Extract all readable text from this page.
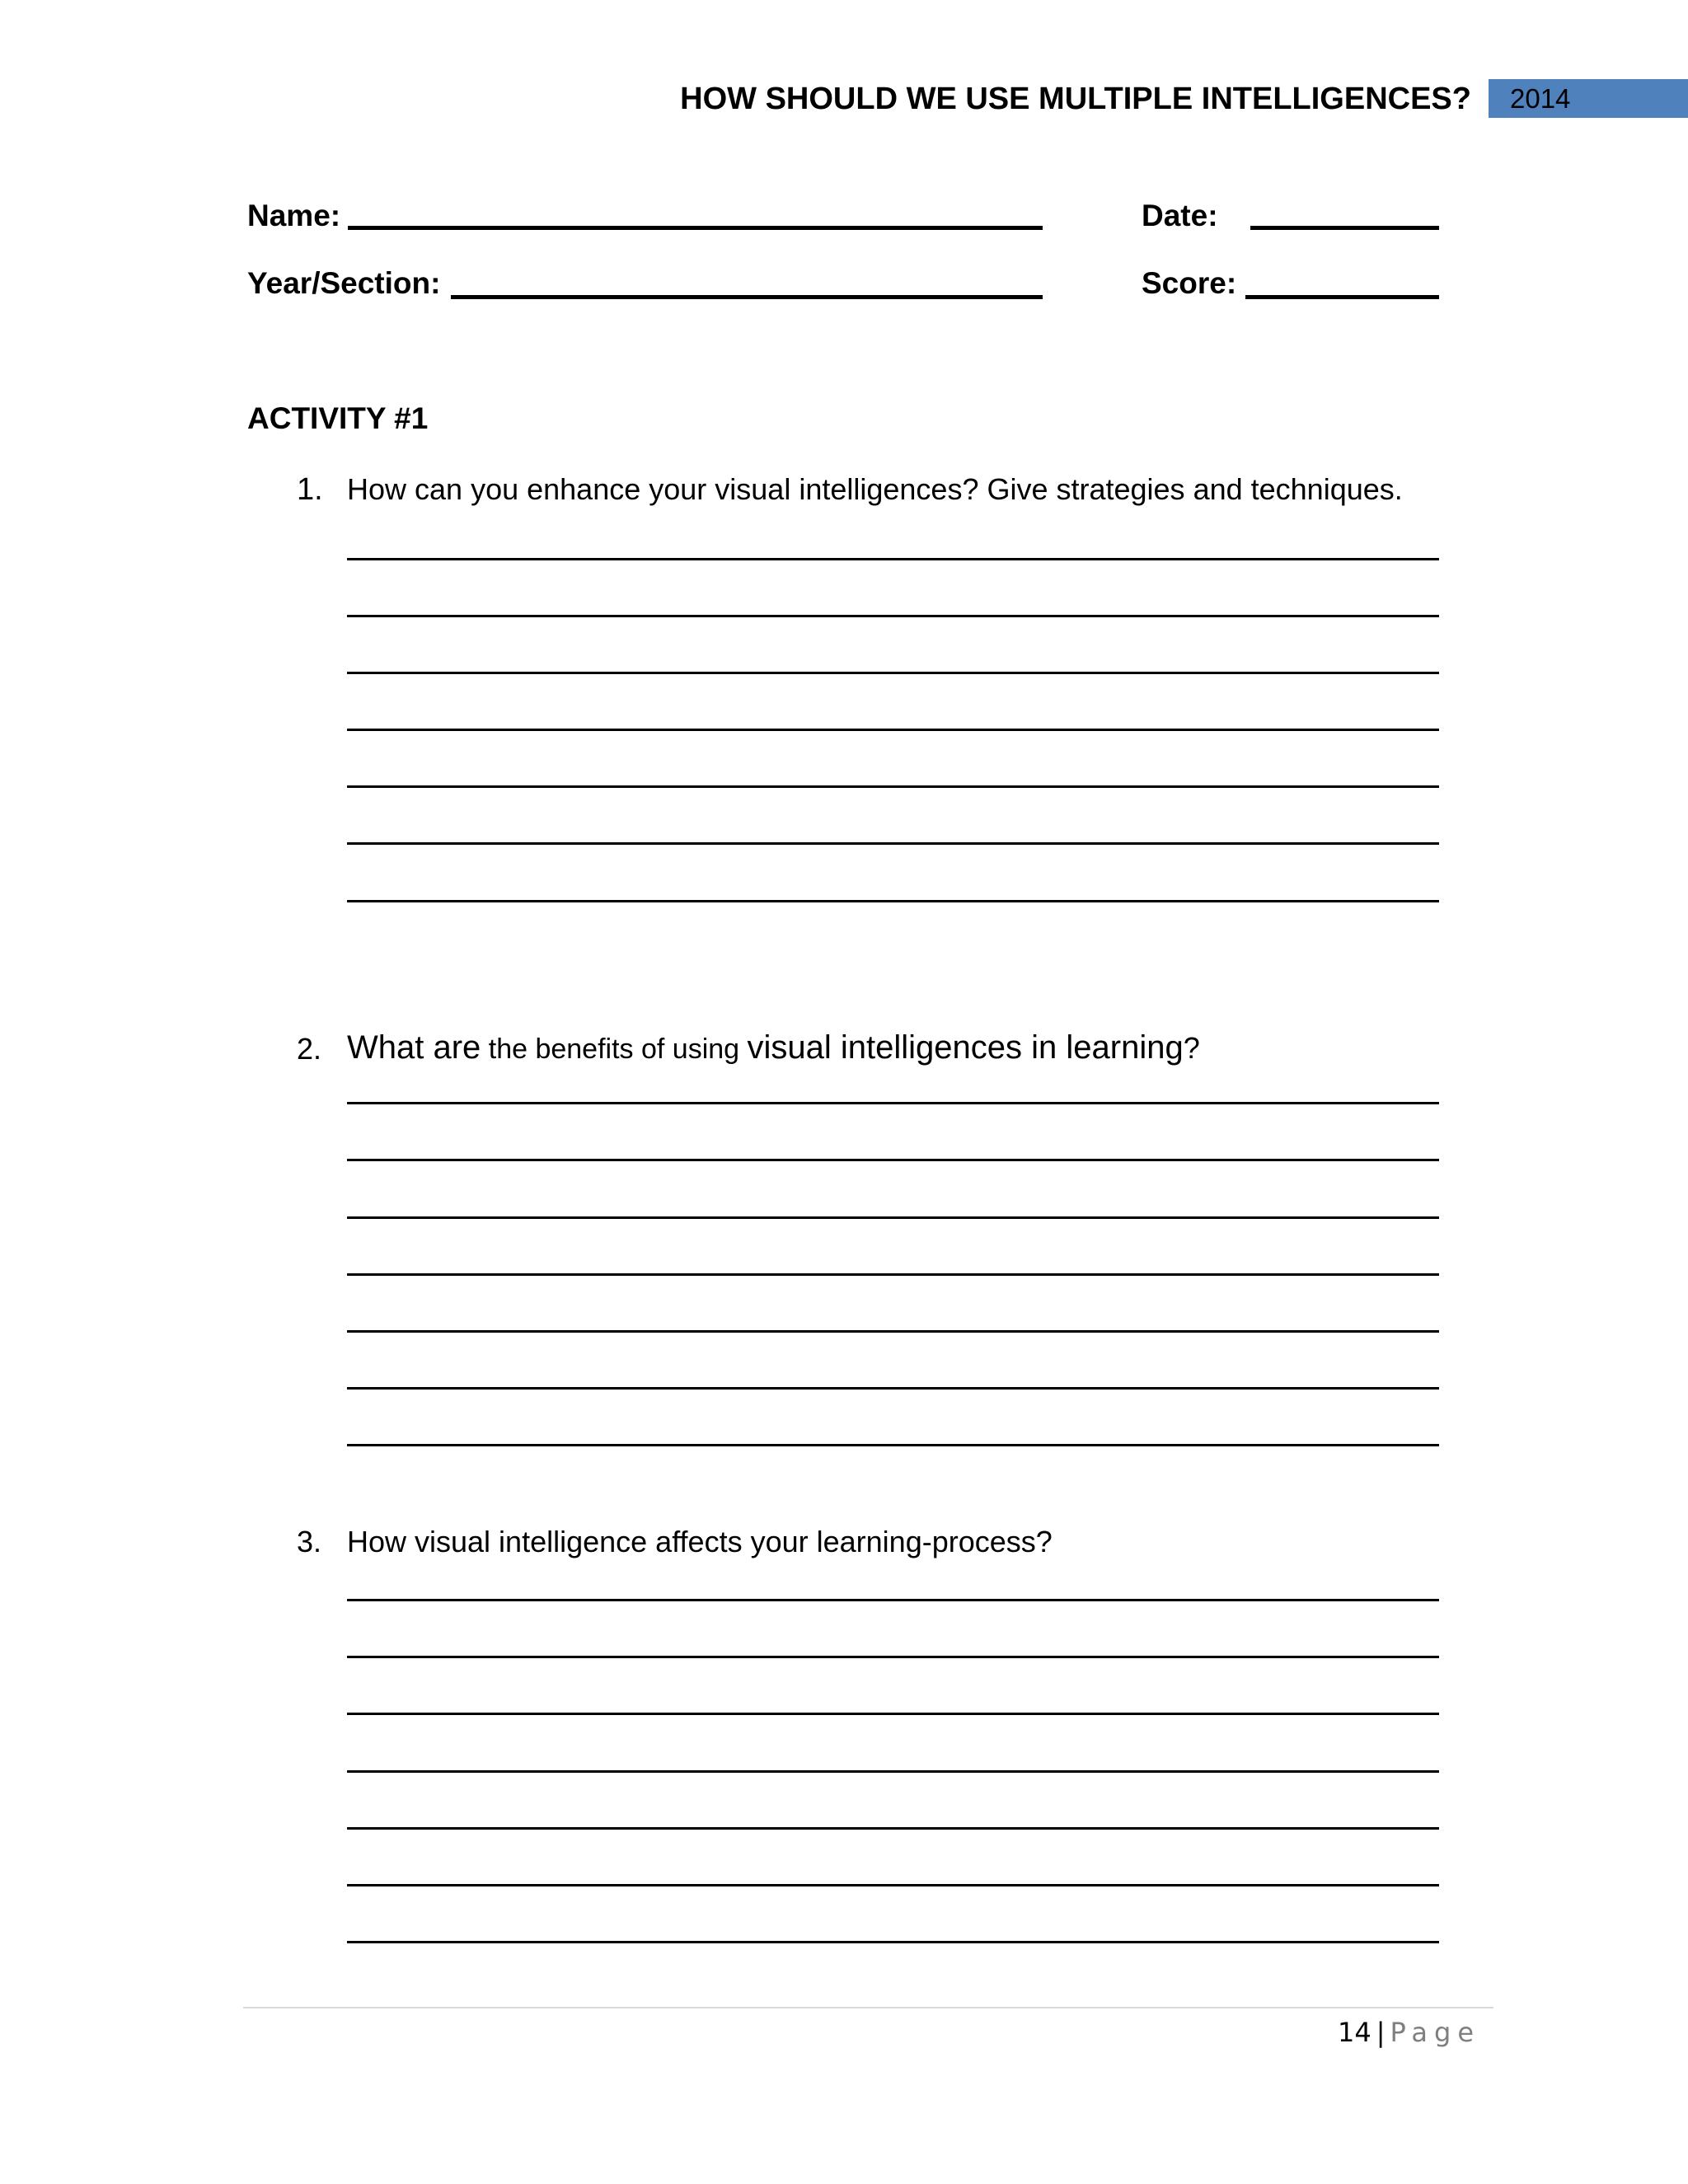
HOW SHOULD WE USE MULTIPLE INTELLIGENCES?	2014
Name:	Date:
Year/Section:	Score:
ACTIVITY #1
1. How can you enhance your visual intelligences? Give strategies and techniques.
2. What are the benefits of using visual intelligences in learning?
3. How visual intelligence affects your learning-process?
14 | Page
